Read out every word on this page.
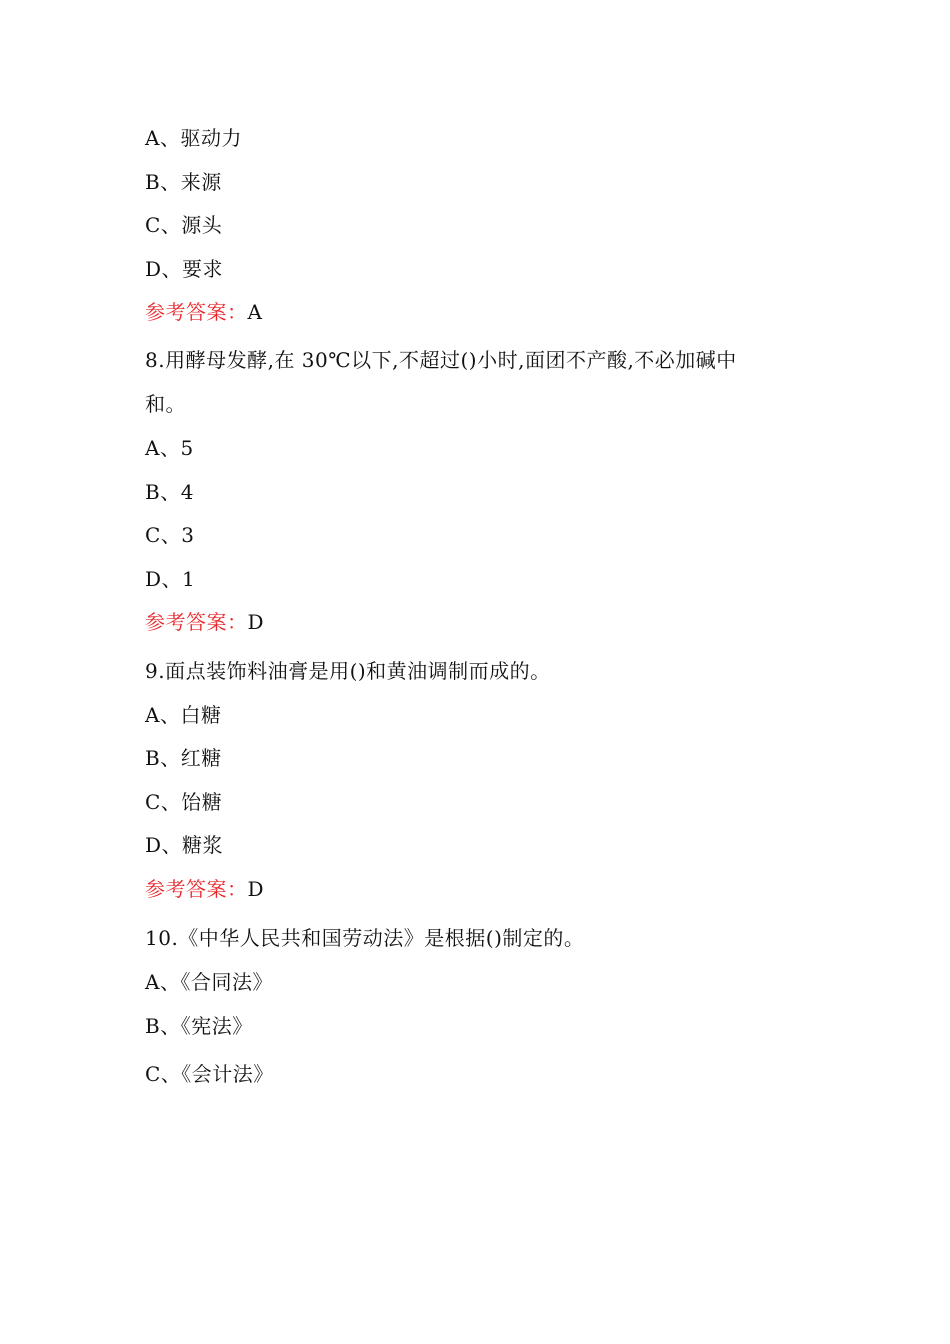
A、驱动力
B、来源
C、源头
D、要求
参考答案：A
8.用酵母发酵,在 30℃以下,不超过()小时,面团不产酸,不必加碱中
和。
A、5
B、4
C、3
D、1
参考答案：D
9.面点装饰料油膏是用()和黄油调制而成的。
A、白糖
B、红糖
C、饴糖
D、糖浆
参考答案：D
10.《中华人民共和国劳动法》是根据()制定的。
A、《合同法》
B、《宪法》
C、《会计法》
